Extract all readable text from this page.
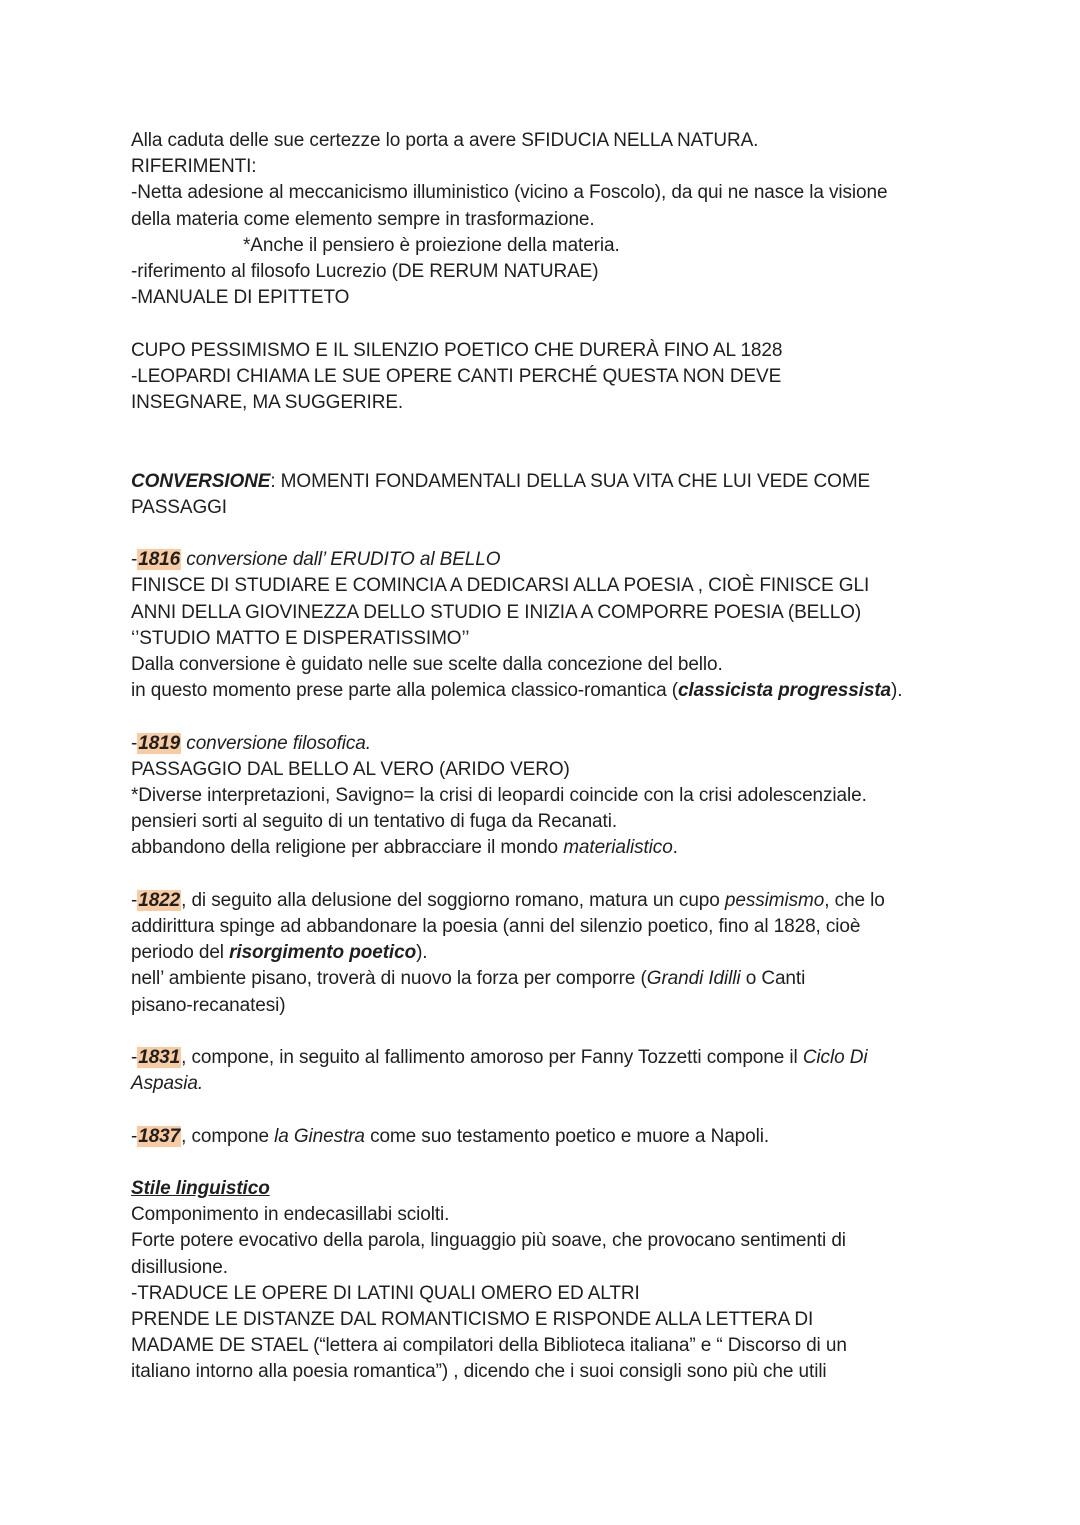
Alla caduta delle sue certezze lo porta a avere SFIDUCIA NELLA NATURA.
RIFERIMENTI:
-Netta adesione al meccanicismo illuministico (vicino a Foscolo), da qui ne nasce la visione
della materia come elemento sempre in trasformazione.
*Anche il pensiero è proiezione della materia.
-riferimento al filosofo Lucrezio (DE RERUM NATURAE)
-MANUALE DI EPITTETO
CUPO PESSIMISMO E IL SILENZIO POETICO CHE DURERÀ FINO AL 1828
-LEOPARDI CHIAMA LE SUE OPERE CANTI PERCHÉ QUESTA NON DEVE
INSEGNARE, MA SUGGERIRE.
CONVERSIONE: MOMENTI FONDAMENTALI DELLA SUA VITA CHE LUI VEDE COME
PASSAGGI
-1816 conversione dall’ ERUDITO al BELLO
FINISCE DI STUDIARE E COMINCIA A DEDICARSI ALLA POESIA , CIOÈ FINISCE GLI
ANNI DELLA GIOVINEZZA DELLO STUDIO E INIZIA A COMPORRE POESIA (BELLO)
‘’STUDIO MATTO E DISPERATISSIMO’’
Dalla conversione è guidato nelle sue scelte dalla concezione del bello.
in questo momento prese parte alla polemica classico-romantica (classicista progressista).
-1819 conversione filosofica.
PASSAGGIO DAL BELLO AL VERO (ARIDO VERO)
*Diverse interpretazioni, Savigno= la crisi di leopardi coincide con la crisi adolescenziale.
pensieri sorti al seguito di un tentativo di fuga da Recanati.
abbandono della religione per abbracciare il mondo materialistico.
-1822, di seguito alla delusione del soggiorno romano, matura un cupo pessimismo, che lo
addirittura spinge ad abbandonare la poesia (anni del silenzio poetico, fino al 1828, cioè
periodo del risorgimento poetico).
nell’ ambiente pisano, troverà di nuovo la forza per comporre (Grandi Idilli o Canti
pisano-recanatesi)
-1831, compone, in seguito al fallimento amoroso per Fanny Tozzetti compone il Ciclo Di
Aspasia.
-1837, compone la Ginestra come suo testamento poetico e muore a Napoli.
Stile linguistico
Componimento in endecasillabi sciolti.
Forte potere evocativo della parola, linguaggio più soave, che provocano sentimenti di
disillusione.
-TRADUCE LE OPERE DI LATINI QUALI OMERO ED ALTRI
PRENDE LE DISTANZE DAL ROMANTICISMO E RISPONDE ALLA LETTERA DI
MADAME DE STAEL (“lettera ai compilatori della Biblioteca italiana” e “ Discorso di un
italiano intorno alla poesia romantica”) , dicendo che i suoi consigli sono più che utili
